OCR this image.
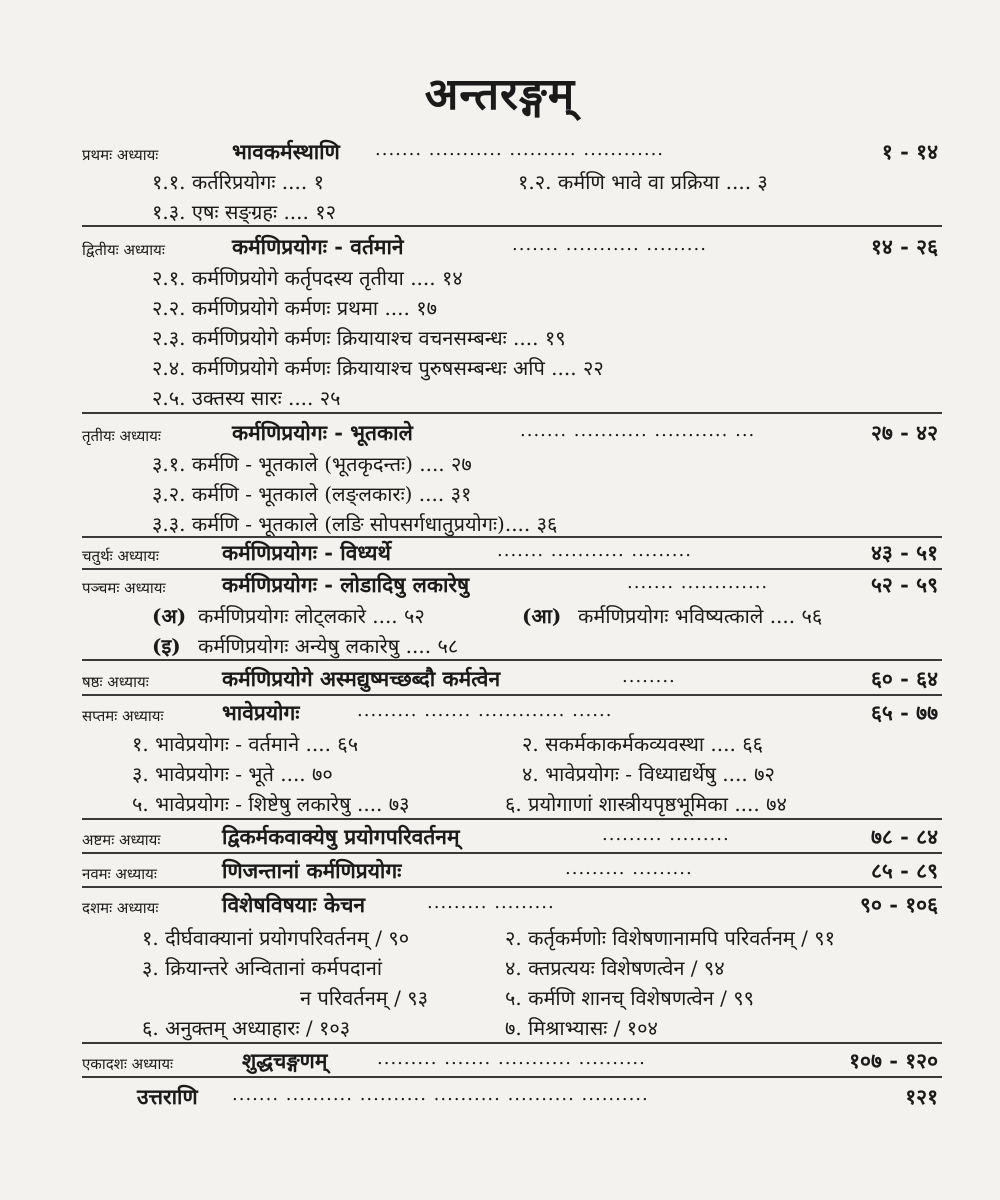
अन्तरङ्गम्
प्रथमः अध्यायः	भावकर्मस्थाणि ....... ........... .......... ............	१ - १४
१.१. कर्तरिप्रयोगः .... १	१.२. कर्मणि भावे वा प्रक्रिया .... ३
१.३. एषः सङ्ग्रहः .... १२
द्वितीयः अध्यायः	कर्मणिप्रयोगः - वर्तमाने	....... ........... .........	१४ - २६
२.१. कर्मणिप्रयोगे कर्तृपदस्य तृतीया .... १४
२.२. कर्मणिप्रयोगे कर्मणः प्रथमा .... १७
२.३. कर्मणिप्रयोगे कर्मणः क्रियायाश्च वचनसम्बन्धः .... १९
२.४. कर्मणिप्रयोगे कर्मणः क्रियायाश्च पुरुषसम्बन्धः अपि .... २२
२.५. उक्तस्य सारः .... २५
तृतीयः अध्यायः	कर्मणिप्रयोगः - भूतकाले	....... ........... ........... ...	२७ - ४२
३.१. कर्मणि - भूतकाले (भूतकृदन्तः) .... २७
३.२. कर्मणि - भूतकाले (लङ्लकारः) .... ३१
३.३. कर्मणि - भूतकाले (लङि सोपसर्गधातुप्रयोगः).... ३६
चतुर्थः अध्यायः	कर्मणिप्रयोगः - विध्यर्थे	....... ........... .........	४३ - ५१
पञ्चमः अध्यायः	कर्मणिप्रयोगः - लोडादिषु लकारेषु	....... .............	५२ - ५९
(अ) कर्मणिप्रयोगः लोट्लकारे .... ५२	(आ) कर्मणिप्रयोगः भविष्यत्काले .... ५६
(इ) कर्मणिप्रयोगः अन्येषु लकारेषु .... ५८
षष्ठः अध्यायः	कर्मणिप्रयोगे अस्मद्युष्मच्छब्दौ कर्मत्वेन	........	६० - ६४
सप्तमः अध्यायः	भावेप्रयोगः	......... ....... ............. ......	६५ - ७७
१. भावेप्रयोगः - वर्तमाने .... ६५	२. सकर्मकाकर्मकव्यवस्था .... ६६
३. भावेप्रयोगः - भूते .... ७०	४. भावेप्रयोगः - विध्याद्यर्थेषु .... ७२
५. भावेप्रयोगः - शिष्टेषु लकारेषु .... ७३	६. प्रयोगाणां शास्त्रीयपृष्ठभूमिका .... ७४
अष्टमः अध्यायः	द्विकर्मकवाक्येषु प्रयोगपरिवर्तनम्	......... .........	७८ - ८४
नवमः अध्यायः	णिजन्तानां कर्मणिप्रयोगः	......... .........	८५ - ८९
दशमः अध्यायः	विशेषविषयाः केचन	......... .........	९० - १०६
१. दीर्घवाक्यानां प्रयोगपरिवर्तनम् / ९०	२. कर्तृकर्मणोः विशेषणानामपि परिवर्तनम् / ९१
३. क्रियान्तरे अन्वितानां कर्मपदानां	४. क्तप्रत्ययः विशेषणत्वेन / ९४
न परिवर्तनम् / ९३	५. कर्मणि शानच् विशेषणत्वेन / ९९
६. अनुक्तम् अध्याहारः / १०३	७. मिश्राभ्यासः / १०४
एकादशः अध्यायः	शुद्धचङ्गणम्	......... ....... ........... ..........	१०७ - १२०
उत्तराणि ....... .......... .......... .......... .......... ..........	१२१
